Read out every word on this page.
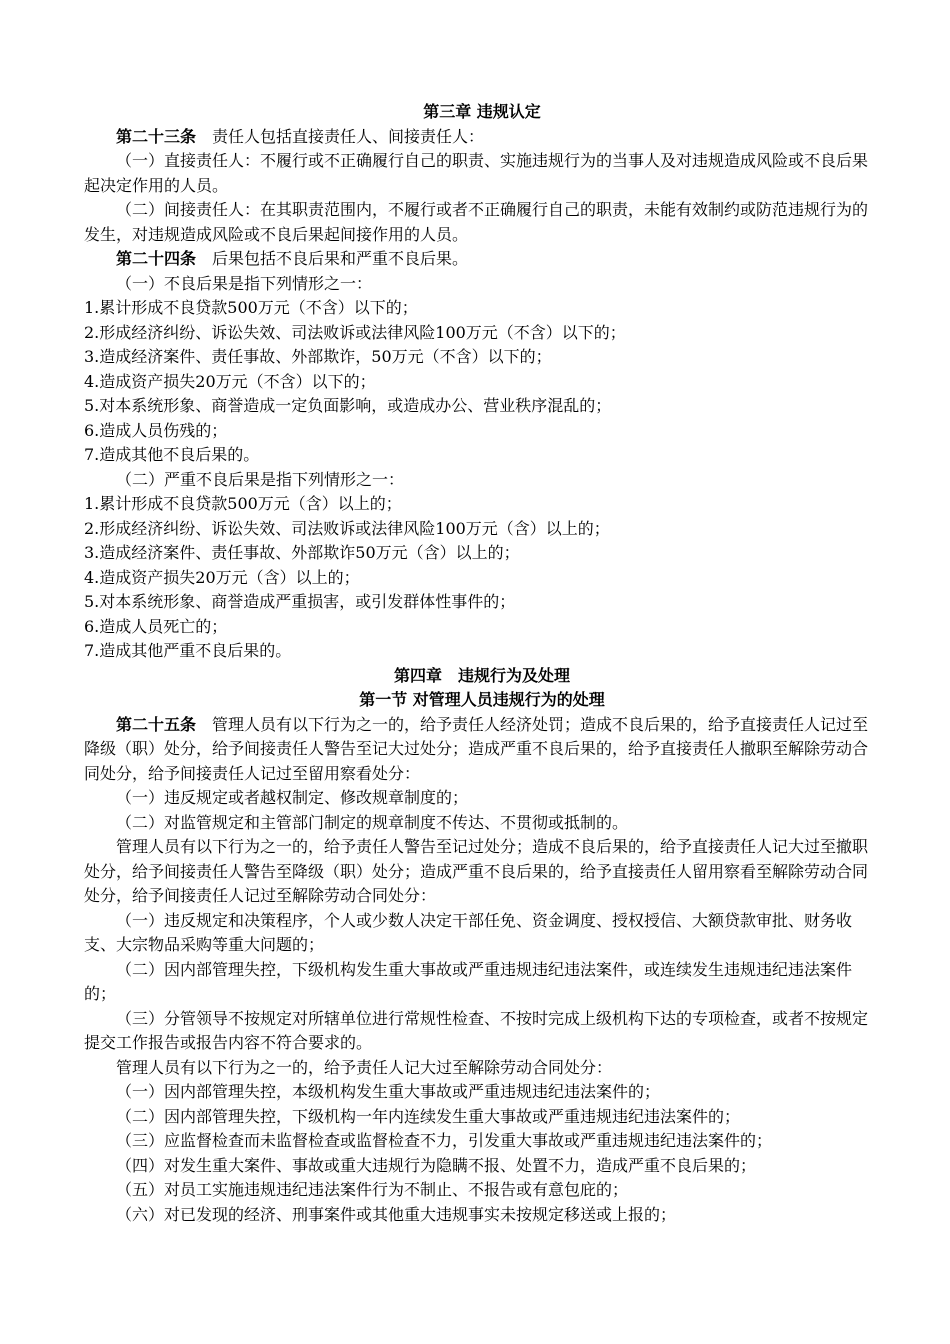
第三章 违规认定

第二十三条　 责任人包括直接责任人、间接责任人：

（一）直接责任人：不履行或不正确履行自己的职责、实施违规行为的当事人及对违规造成风险或不良后果起决定作用的人员。

（二）间接责任人：在其职责范围内，不履行或者不正确履行自己的职责，未能有效制约或防范违规行为的发生，对违规造成风险或不良后果起间接作用的人员。

第二十四条　 后果包括不良后果和严重不良后果。

（一）不良后果是指下列情形之一：

1.累计形成不良贷款500万元（不含）以下的；

2.形成经济纠纷、诉讼失效、司法败诉或法律风险100万元（不含）以下的；

3.造成经济案件、责任事故、外部欺诈，50万元（不含）以下的；

4.造成资产损失20万元（不含）以下的；

5.对本系统形象、商誉造成一定负面影响，或造成办公、营业秩序混乱的；

6.造成人员伤残的；

7.造成其他不良后果的。

（二）严重不良后果是指下列情形之一：

1.累计形成不良贷款500万元（含）以上的；

2.形成经济纠纷、诉讼失效、司法败诉或法律风险100万元（含）以上的；

3.造成经济案件、责任事故、外部欺诈50万元（含）以上的；

4.造成资产损失20万元（含）以上的；

5.对本系统形象、商誉造成严重损害，或引发群体性事件的；

6.造成人员死亡的；

7.造成其他严重不良后果的。

第四章　违规行为及处理

第一节 对管理人员违规行为的处理

第二十五条　 管理人员有以下行为之一的，给予责任人经济处罚；造成不良后果的，给予直接责任人记过至降级（职）处分，给予间接责任人警告至记大过处分；造成严重不良后果的，给予直接责任人撤职至解除劳动合同处分，给予间接责任人记过至留用察看处分：

（一）违反规定或者越权制定、修改规章制度的；

（二）对监管规定和主管部门制定的规章制度不传达、不贯彻或抵制的。

管理人员有以下行为之一的，给予责任人警告至记过处分；造成不良后果的，给予直接责任人记大过至撤职处分，给予间接责任人警告至降级（职）处分；造成严重不良后果的，给予直接责任人留用察看至解除劳动合同处分，给予间接责任人记过至解除劳动合同处分：

（一）违反规定和决策程序，个人或少数人决定干部任免、资金调度、授权授信、大额贷款审批、财务收支、大宗物品采购等重大问题的；

（二）因内部管理失控，下级机构发生重大事故或严重违规违纪违法案件，或连续发生违规违纪违法案件的；

（三）分管领导不按规定对所辖单位进行常规性检查、不按时完成上级机构下达的专项检查，或者不按规定提交工作报告或报告内容不符合要求的。

管理人员有以下行为之一的，给予责任人记大过至解除劳动合同处分：

（一）因内部管理失控，本级机构发生重大事故或严重违规违纪违法案件的；

（二）因内部管理失控，下级机构一年内连续发生重大事故或严重违规违纪违法案件的；

（三）应监督检查而未监督检查或监督检查不力，引发重大事故或严重违规违纪违法案件的；

（四）对发生重大案件、事故或重大违规行为隐瞒不报、处置不力，造成严重不良后果的；

（五）对员工实施违规违纪违法案件行为不制止、不报告或有意包庇的；

（六）对已发现的经济、刑事案件或其他重大违规事实未按规定移送或上报的；
